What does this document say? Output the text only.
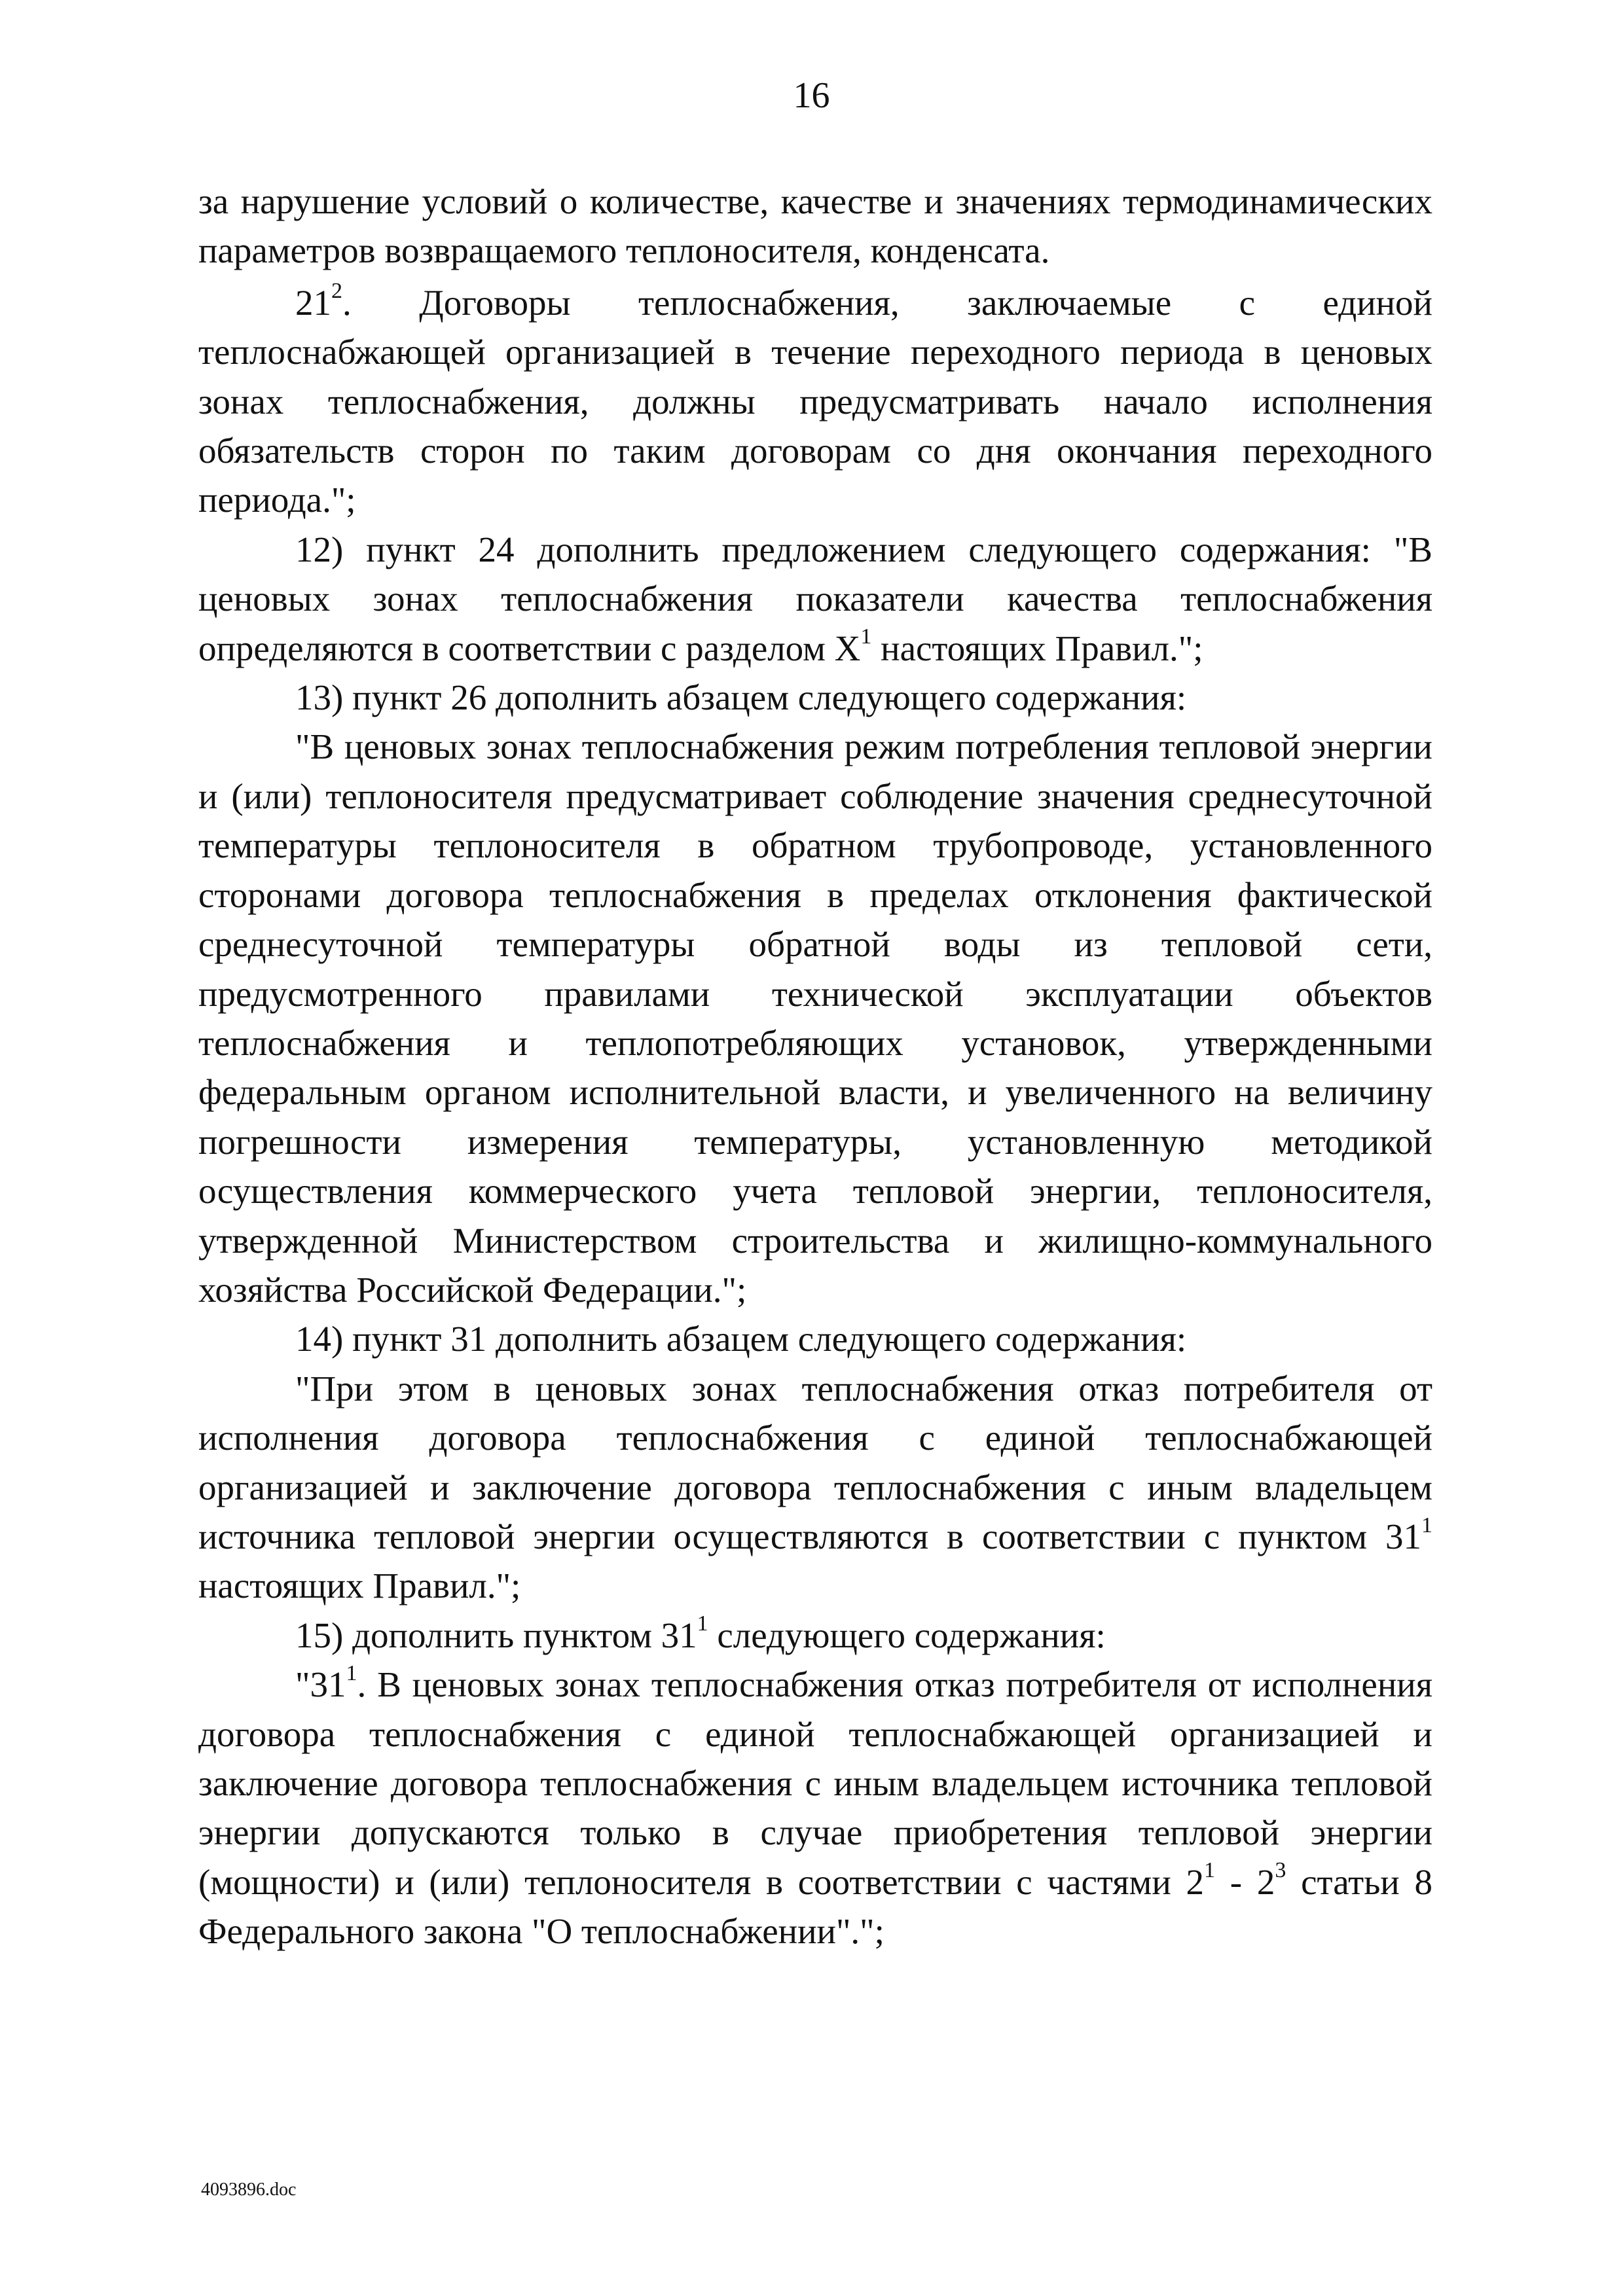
16

за нарушение условий о количестве, качестве и значениях термодинамических параметров возвращаемого теплоносителя, конденсата.

$21^2$. Договоры теплоснабжения, заключаемые с единой теплоснабжающей организацией в течение переходного периода в ценовых зонах теплоснабжения, должны предусматривать начало исполнения обязательств сторон по таким договорам со дня окончания переходного периода.";

12) пункт 24 дополнить предложением следующего содержания: "В ценовых зонах теплоснабжения показатели качества теплоснабжения определяются в соответствии с разделом $X^1$ настоящих Правил.";

13) пункт 26 дополнить абзацем следующего содержания:

"В ценовых зонах теплоснабжения режим потребления тепловой энергии и (или) теплоносителя предусматривает соблюдение значения среднесуточной температуры теплоносителя в обратном трубопроводе, установленного сторонами договора теплоснабжения в пределах отклонения фактической среднесуточной температуры обратной воды из тепловой сети, предусмотренного правилами технической эксплуатации объектов теплоснабжения и теплопотребляющих установок, утвержденными федеральным органом исполнительной власти, и увеличенного на величину погрешности измерения температуры, установленную методикой осуществления коммерческого учета тепловой энергии, теплоносителя, утвержденной Министерством строительства и жилищно-коммунального хозяйства Российской Федерации.";

14) пункт 31 дополнить абзацем следующего содержания:

"При этом в ценовых зонах теплоснабжения отказ потребителя от исполнения договора теплоснабжения с единой теплоснабжающей организацией и заключение договора теплоснабжения с иным владельцем источника тепловой энергии осуществляются в соответствии с пунктом $31^1$ настоящих Правил.";

15) дополнить пунктом $31^1$ следующего содержания:

"$31^1$. В ценовых зонах теплоснабжения отказ потребителя от исполнения договора теплоснабжения с единой теплоснабжающей организацией и заключение договора теплоснабжения с иным владельцем источника тепловой энергии допускаются только в случае приобретения тепловой энергии (мощности) и (или) теплоносителя в соответствии с частями $2^1 - 2^3$ статьи 8 Федерального закона "О теплоснабжении".";

4093896.doc
